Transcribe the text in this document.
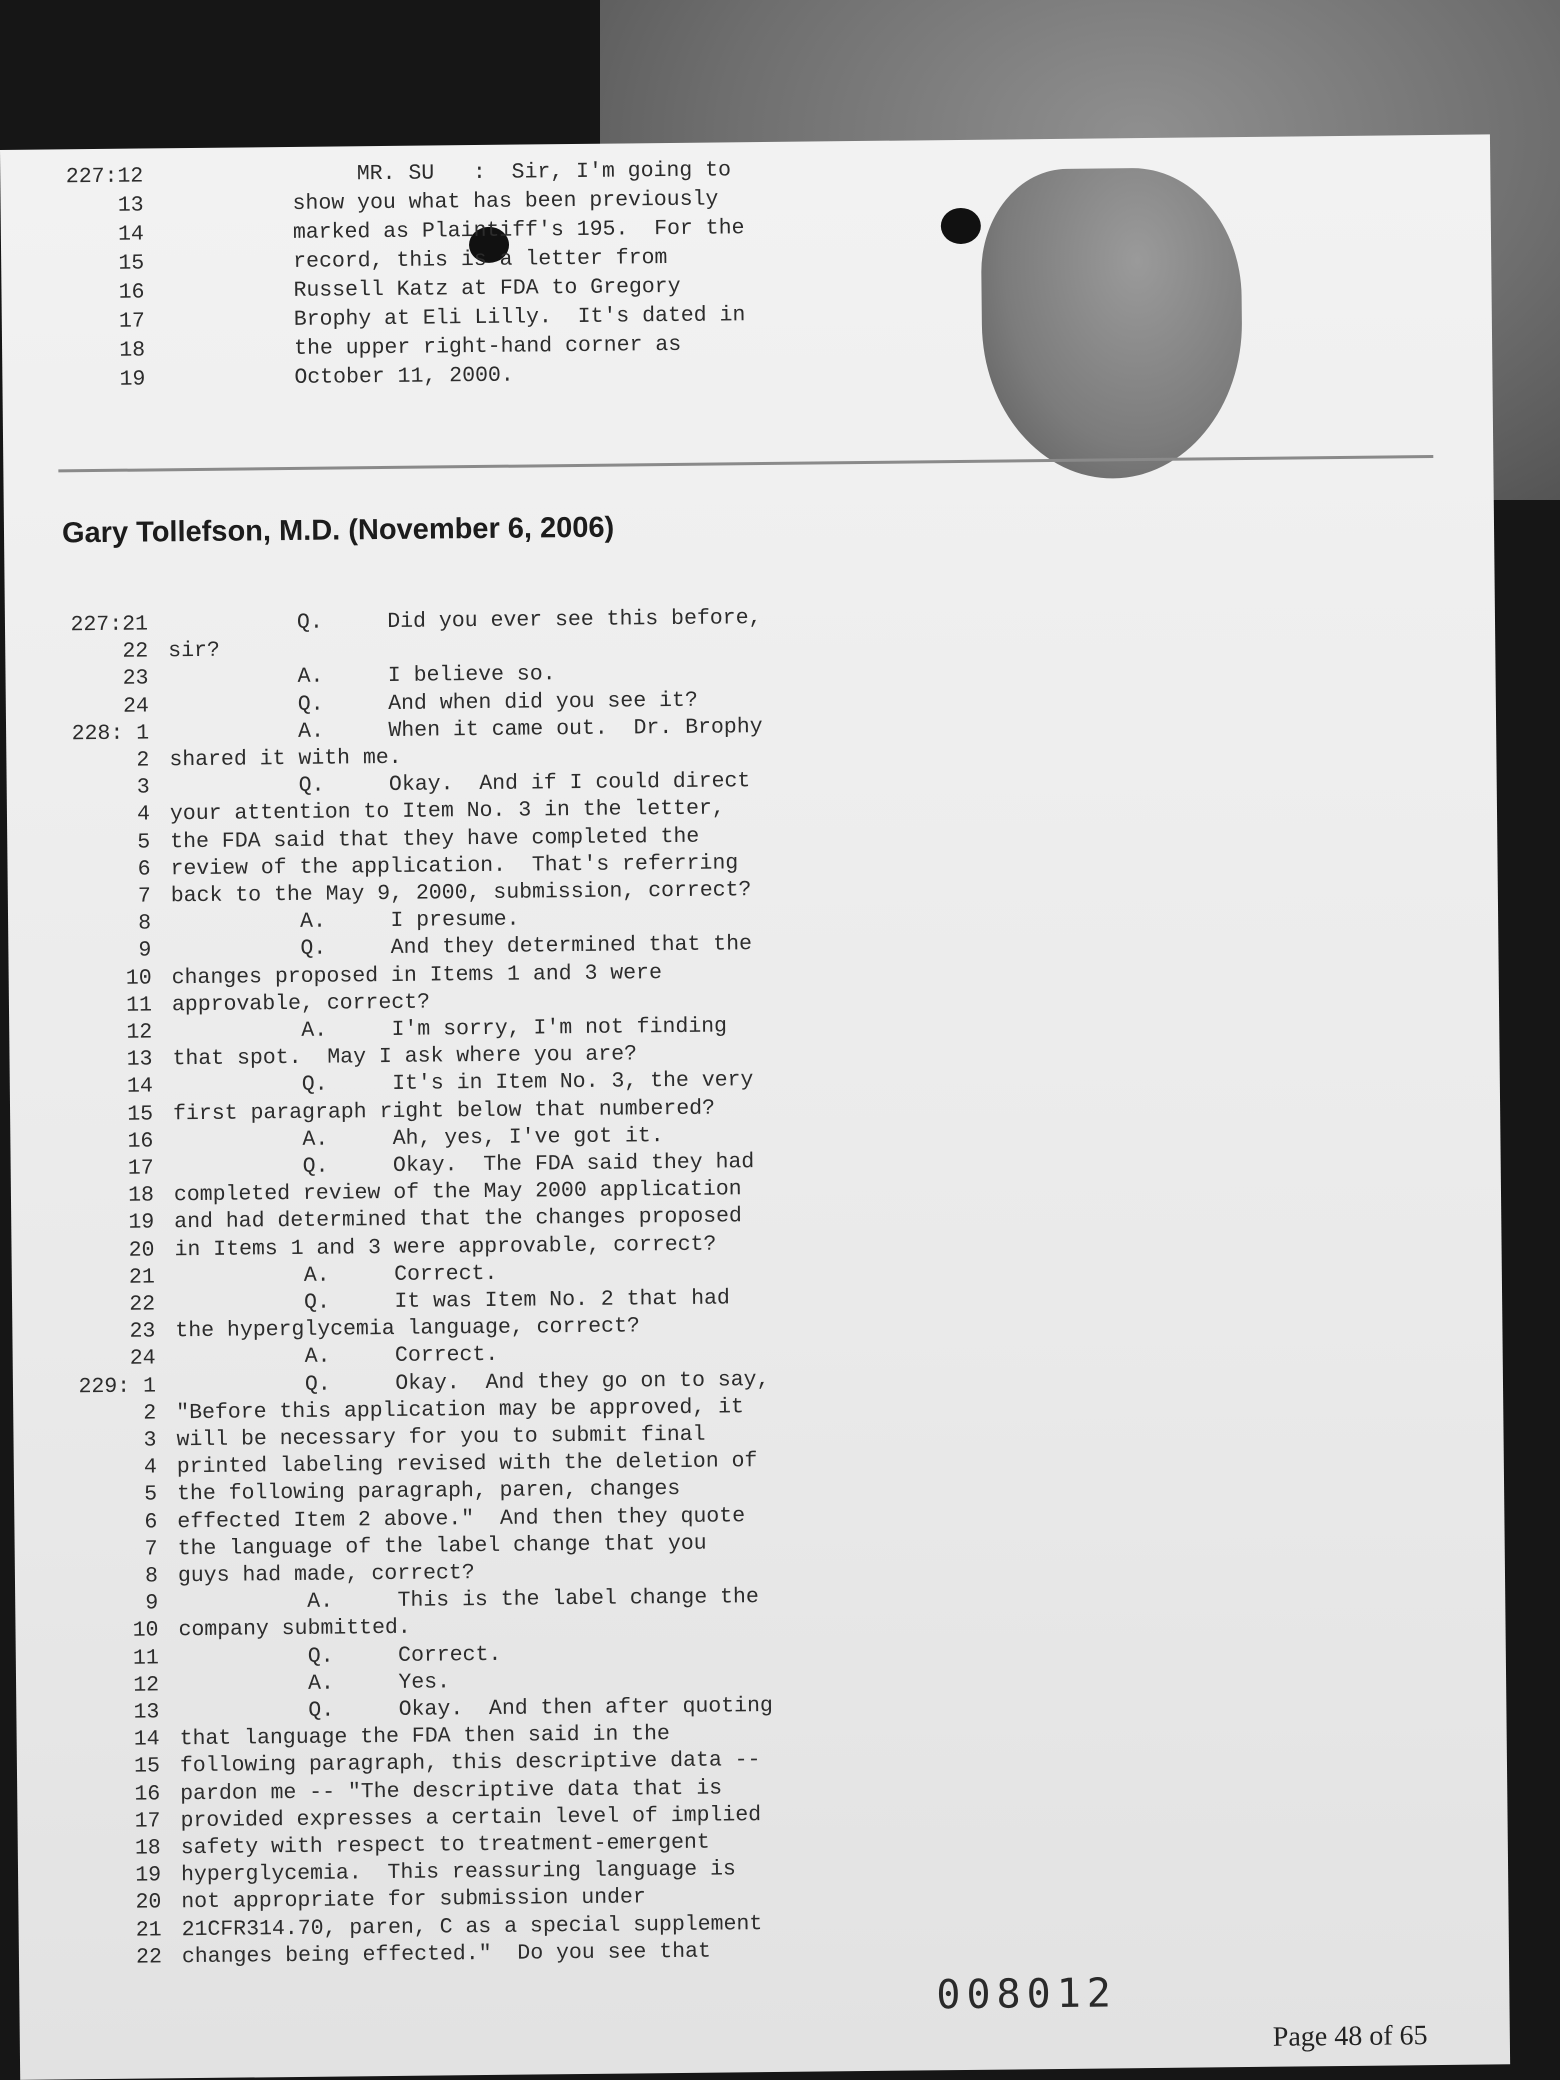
227:12 MR. SU   :  Sir, I'm going to
13 show you what has been previously
14 marked as Plaintiff's 195.  For the
15 record, this is a letter from
16 Russell Katz at FDA to Gregory
17 Brophy at Eli Lilly.  It's dated in
18 the upper right-hand corner as
19 October 11, 2000.
Gary Tollefson, M.D. (November 6, 2006)
227:21 Q.     Did you ever see this before,
22 sir?
23 A.     I believe so.
24 Q.     And when did you see it?
228: 1 A.     When it came out.  Dr. Brophy
2 shared it with me.
3 Q.     Okay.  And if I could direct
4 your attention to Item No. 3 in the letter,
5 the FDA said that they have completed the
6 review of the application.  That's referring
7 back to the May 9, 2000, submission, correct?
8 A.     I presume.
9 Q.     And they determined that the
10 changes proposed in Items 1 and 3 were
11 approvable, correct?
12 A.     I'm sorry, I'm not finding
13 that spot.  May I ask where you are?
14 Q.     It's in Item No. 3, the very
15 first paragraph right below that numbered?
16 A.     Ah, yes, I've got it.
17 Q.     Okay.  The FDA said they had
18 completed review of the May 2000 application
19 and had determined that the changes proposed
20 in Items 1 and 3 were approvable, correct?
21 A.     Correct.
22 Q.     It was Item No. 2 that had
23 the hyperglycemia language, correct?
24 A.     Correct.
229: 1 Q.     Okay.  And they go on to say,
2 "Before this application may be approved, it
3 will be necessary for you to submit final
4 printed labeling revised with the deletion of
5 the following paragraph, paren, changes
6 effected Item 2 above."  And then they quote
7 the language of the label change that you
8 guys had made, correct?
9 A.     This is the label change the
10 company submitted.
11 Q.     Correct.
12 A.     Yes.
13 Q.     Okay.  And then after quoting
14 that language the FDA then said in the
15 following paragraph, this descriptive data --
16 pardon me -- "The descriptive data that is
17 provided expresses a certain level of implied
18 safety with respect to treatment-emergent
19 hyperglycemia.  This reassuring language is
20 not appropriate for submission under
21 21CFR314.70, paren, C as a special supplement
22 changes being effected."  Do you see that
008012
Page 48 of 65
